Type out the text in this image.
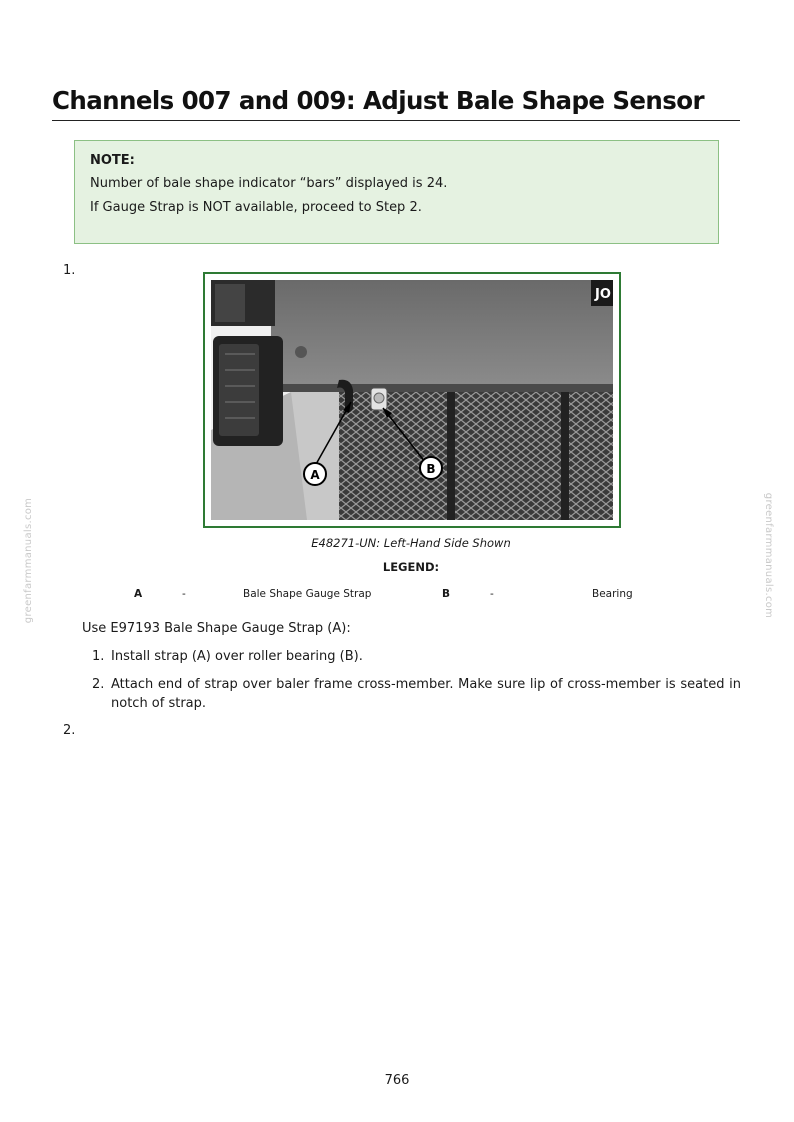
Channels 007 and 009: Adjust Bale Shape Sensor
NOTE:

Number of bale shape indicator “bars” displayed is 24.

If Gauge Strap is NOT available, proceed to Step 2.

1.
JO
A	B
E48271-UN: Left-Hand Side Shown
LEGEND:
A	-	Bale Shape Gauge Strap	B	-	Bearing
Use E97193 Bale Shape Gauge Strap (A):
1. Install strap (A) over roller bearing (B).
2. Attach end of strap over baler frame cross-member. Make sure lip of cross-member is seated in notch of strap.
2.
greenfarmmanuals.com	greenfarmmanuals.com
766
